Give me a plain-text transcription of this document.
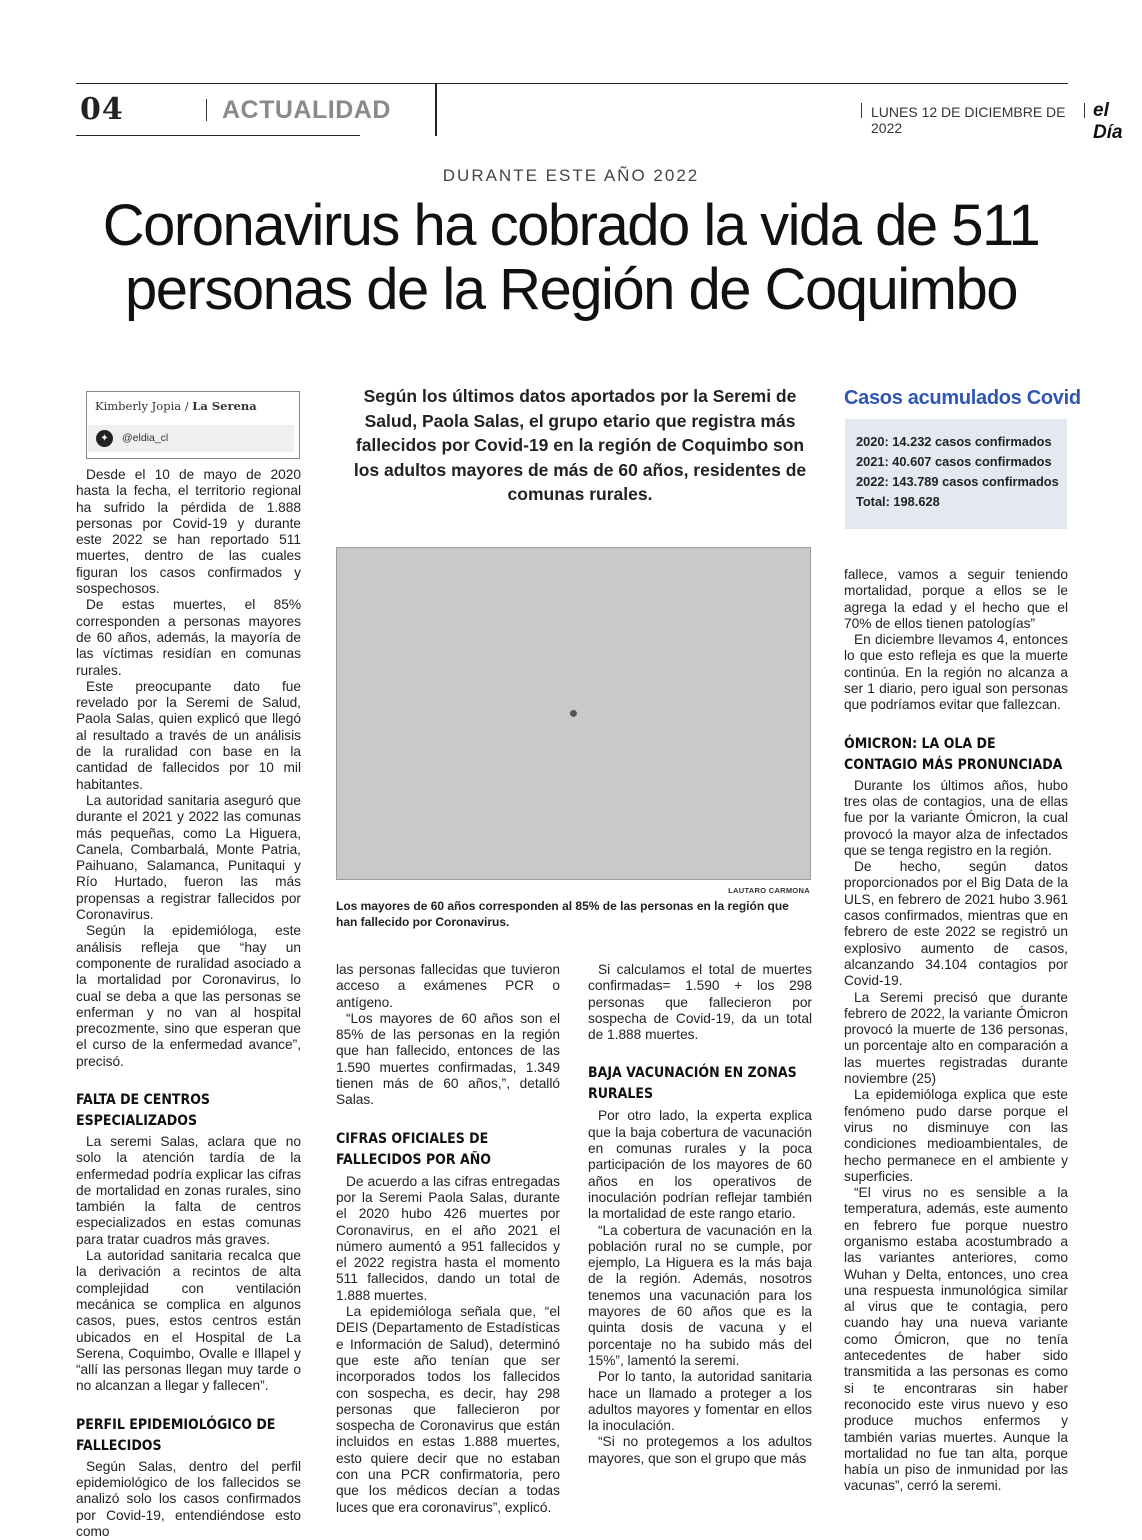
04	ACTUALIDAD	LUNES 12 DE DICIEMBRE DE 2022
el Día
DURANTE ESTE AÑO 2022
Coronavirus ha cobrado la vida de 511
personas de la Región de Coquimbo
Kimberly Jopia / La Serena
✦	@eldia_cl

Desde el 10 de mayo de 2020 hasta la fecha, el territorio regional ha sufrido la pérdida de 1.888 personas por Covid-19 y durante este 2022 se han reportado 511 muertes, dentro de las cuales figuran los casos confirmados y sospechosos.

De estas muertes, el 85% corresponden a personas mayores de 60 años, además, la mayoría de las víctimas residían en comunas rurales.

Este preocupante dato fue revelado por la Seremi de Salud, Paola Salas, quien explicó que llegó al resultado a través de un análisis de la ruralidad con base en la cantidad de fallecidos por 10 mil habitantes.

La autoridad sanitaria aseguró que durante el 2021 y 2022 las comunas más pequeñas, como La Higuera, Canela, Combarbalá, Monte Patria, Paihuano, Salamanca, Punitaqui y Río Hurtado, fueron las más propensas a registrar fallecidos por Coronavirus.

Según la epidemióloga, este análisis refleja que “hay un componente de ruralidad asociado a la mortalidad por Coronavirus, lo cual se deba a que las personas se enferman y no van al hospital precozmente, sino que esperan que el curso de la enfermedad avance”, precisó.

FALTA DE CENTROS ESPECIALIZADOS

La seremi Salas, aclara que no solo la atención tardía de la enfermedad podría explicar las cifras de mortalidad en zonas rurales, sino también la falta de centros especializados en estas comunas para tratar cuadros más graves.

La autoridad sanitaria recalca que la derivación a recintos de alta complejidad con ventilación mecánica se complica en algunos casos, pues, estos centros están ubicados en el Hospital de La Serena, Coquimbo, Ovalle e Illapel y “allí las personas llegan muy tarde o no alcanzan a llegar y fallecen”.

PERFIL EPIDEMIOLÓGICO DE FALLECIDOS

Según Salas, dentro del perfil epidemiológico de los fallecidos se analizó solo los casos confirmados por Covid-19, entendiéndose esto como

Según los últimos datos aportados por la Seremi de Salud, Paola Salas, el grupo etario que registra más fallecidos por Covid-19 en la región de Coquimbo son los adultos mayores de más de 60 años, residentes de comunas rurales.
●
LAUTARO CARMONA
Los mayores de 60 años corresponden al 85% de las personas en la región que han fallecido por Coronavirus.

las personas fallecidas que tuvieron acceso a exámenes PCR o antígeno.

“Los mayores de 60 años son el 85% de las personas en la región que han fallecido, entonces de las 1.590 muertes confirmadas, 1.349 tienen más de 60 años,”, detalló Salas.

CIFRAS OFICIALES DE FALLECIDOS POR AÑO

De acuerdo a las cifras entregadas por la Seremi Paola Salas, durante el 2020 hubo 426 muertes por Coronavirus, en el año 2021 el número aumentó a 951 fallecidos y el 2022 registra hasta el momento 511 fallecidos, dando un total de 1.888 muertes.

La epidemióloga señala que, “el DEIS (Departamento de Estadísticas e Información de Salud), determinó que este año tenían que ser incorporados todos los fallecidos con sospecha, es decir, hay 298 personas que fallecieron por sospecha de Coronavirus que están incluidos en estas 1.888 muertes, esto quiere decir que no estaban con una PCR confirmatoria, pero que los médicos decían a todas luces que era coronavirus”, explicó.

Si calculamos el total de muertes confirmadas= 1.590 + los 298 personas que fallecieron por sospecha de Covid-19, da un total de 1.888 muertes.

BAJA VACUNACIÓN EN ZONAS RURALES

Por otro lado, la experta explica que la baja cobertura de vacunación en comunas rurales y la poca participación de los mayores de 60 años en los operativos de inoculación podrían reflejar también la mortalidad de este rango etario.

“La cobertura de vacunación en la población rural no se cumple, por ejemplo, La Higuera es la más baja de la región. Además, nosotros tenemos una vacunación para los mayores de 60 años que es la quinta dosis de vacuna y el porcentaje no ha subido más del 15%”, lamentó la seremi.

Por lo tanto, la autoridad sanitaria hace un llamado a proteger a los adultos mayores y fomentar en ellos la inoculación.

“Si no protegemos a los adultos mayores, que son el grupo que más

Casos acumulados Covid
2020: 14.232 casos confirmados
2021: 40.607 casos confirmados
2022: 143.789 casos confirmados
Total: 198.628

fallece, vamos a seguir teniendo mortalidad, porque a ellos se le agrega la edad y el hecho que el 70% de ellos tienen patologías”

En diciembre llevamos 4, entonces lo que esto refleja es que la muerte continúa. En la región no alcanza a ser 1 diario, pero igual son personas que podríamos evitar que fallezcan.

ÓMICRON: LA OLA DE CONTAGIO MÁS PRONUNCIADA

Durante los últimos años, hubo tres olas de contagios, una de ellas fue por la variante Ómicron, la cual provocó la mayor alza de infectados que se tenga registro en la región.

De hecho, según datos proporcionados por el Big Data de la ULS, en febrero de 2021 hubo 3.961 casos confirmados, mientras que en febrero de este 2022 se registró un explosivo aumento de casos, alcanzando 34.104 contagios por Covid-19.

La Seremi precisó que durante febrero de 2022, la variante Ómicron provocó la muerte de 136 personas, un porcentaje alto en comparación a las muertes registradas durante noviembre (25)

La epidemióloga explica que este fenómeno pudo darse porque el virus no disminuye con las condiciones medioambientales, de hecho permanece en el ambiente y superficies.

“El virus no es sensible a la temperatura, además, este aumento en febrero fue porque nuestro organismo estaba acostumbrado a las variantes anteriores, como Wuhan y Delta, entonces, uno crea una respuesta inmunológica similar al virus que te contagia, pero cuando hay una nueva variante como Ómicron, que no tenía antecedentes de haber sido transmitida a las personas es como si te encontraras sin haber reconocido este virus nuevo y eso produce muchos enfermos y también varias muertes. Aunque la mortalidad no fue tan alta, porque había un piso de inmunidad por las vacunas”, cerró la seremi.
